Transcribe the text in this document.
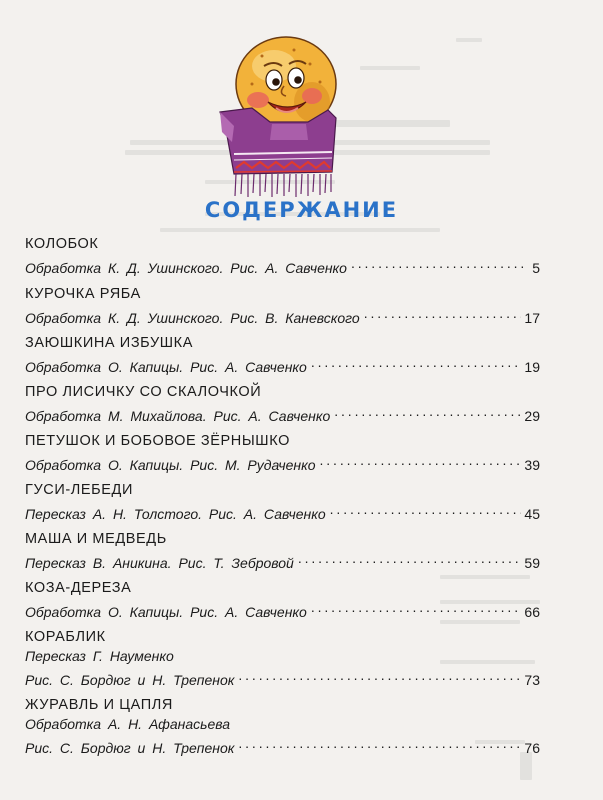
СОДЕРЖАНИЕ
КОЛОБОК
Обработка К. Д. Ушинского. Рис. А. Савченко . . .	5
КУРОЧКА РЯБА
Обработка К. Д. Ушинского. Рис. В. Каневского . . .	17
ЗАЮШКИНА ИЗБУШКА
Обработка О. Капицы. Рис. А. Савченко . . .	19
ПРО ЛИСИЧКУ СО СКАЛОЧКОЙ
Обработка М. Михайлова. Рис. А. Савченко . . .	29
ПЕТУШОК И БОБОВОЕ ЗЁРНЫШКО
Обработка О. Капицы. Рис. М. Рудаченко . . .	39
ГУСИ-ЛЕБЕДИ
Пересказ А. Н. Толстого. Рис. А. Савченко . . .	45
МАША И МЕДВЕДЬ
Пересказ В. Аникина. Рис. Т. Зебровой . . .	59
КОЗА-ДЕРЕЗА
Обработка О. Капицы. Рис. А. Савченко . . .	66
КОРАБЛИК
Пересказ Г. Науменко
Рис. С. Бордюг и Н. Трепенок . . .	73
ЖУРАВЛЬ И ЦАПЛЯ
Обработка А. Н. Афанасьева
Рис. С. Бордюг и Н. Трепенок . . .	76
